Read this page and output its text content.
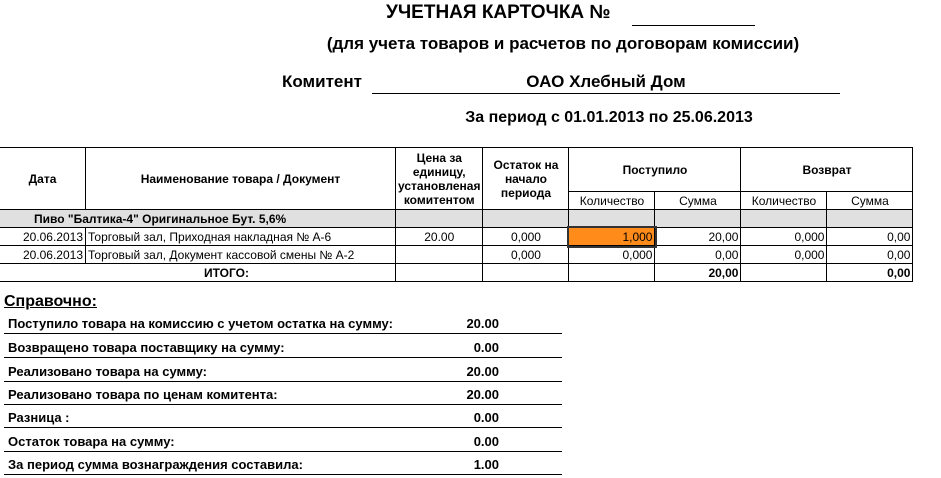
УЧЕТНАЯ КАРТОЧКА №
(для учета товаров и расчетов по договорам комиссии)
Комитент	ОАО Хлебный Дом
За период с 01.01.2013 по 25.06.2013
Дата	Наименование товара / Документ	Цена за единицу, установленая комитентом	Остаток на начало периода	Поступило		Возврат	
				Количество	Сумма	Количество	Сумма
Пиво "Балтика-4" Оригинальное Бут. 5,6%							
20.06.2013	Торговый зал, Приходная накладная № А-6	20.00	0,000	1,000	20,00	0,000	0,00
20.06.2013	Торговый зал, Документ кассовой смены № А-2		0,000	0,000	0,00	0,000	0,00
ИТОГО:					20,00		0,00
Справочно:
Поступило товара на комиссию с учетом остатка на сумму:	20.00
Возвращено товара поставщику на сумму:	0.00
Реализовано товара на сумму:	20.00
Реализовано товара по ценам комитента:	20.00
Разница :	0.00
Остаток товара на сумму:	0.00
За период сумма вознаграждения составила:	1.00
